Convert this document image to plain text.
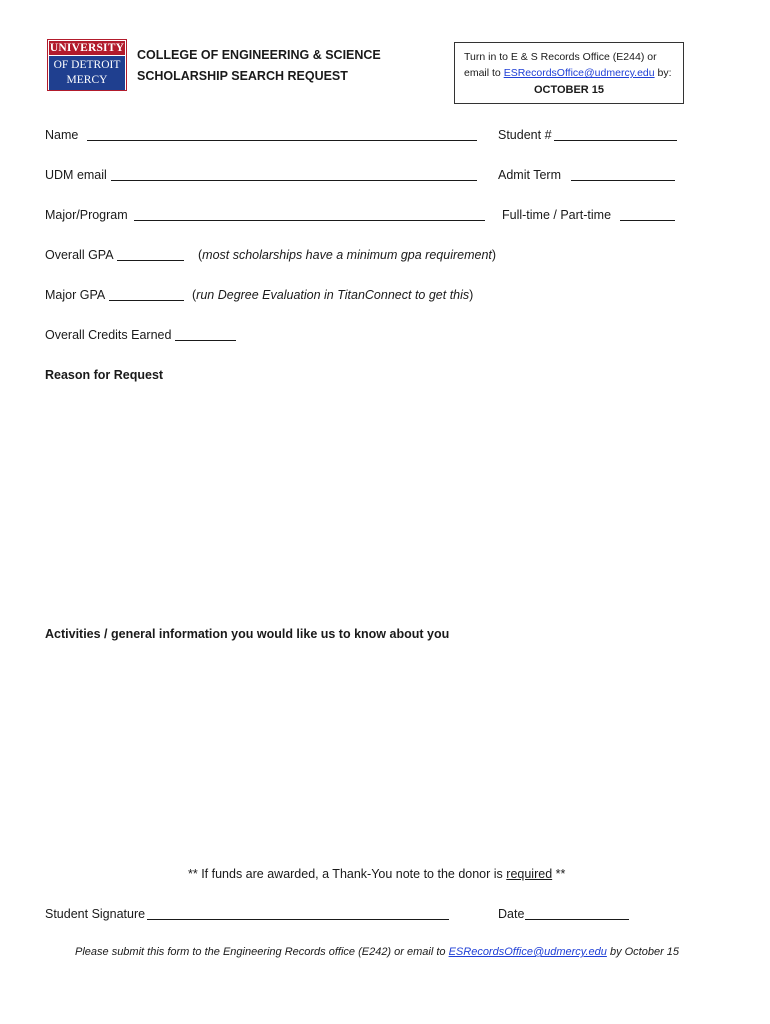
UNIVERSITY
OF DETROIT
MERCY
COLLEGE OF ENGINEERING & SCIENCE
SCHOLARSHIP SEARCH REQUEST
Turn in to E & S Records Office (E244) or
email to ESRecordsOffice@udmercy.edu by:
OCTOBER 15
Name	Student #
UDM email	Admit Term
Major/Program	Full-time / Part-time
Overall GPA	(most scholarships have a minimum gpa requirement)
Major GPA	(run Degree Evaluation in TitanConnect to get this)
Overall Credits Earned
Reason for Request
Activities / general information you would like us to know about you
** If funds are awarded, a Thank-You note to the donor is required **
Student Signature	Date
Please submit this form to the Engineering Records office (E242) or email to ESRecordsOffice@udmercy.edu by October 15
